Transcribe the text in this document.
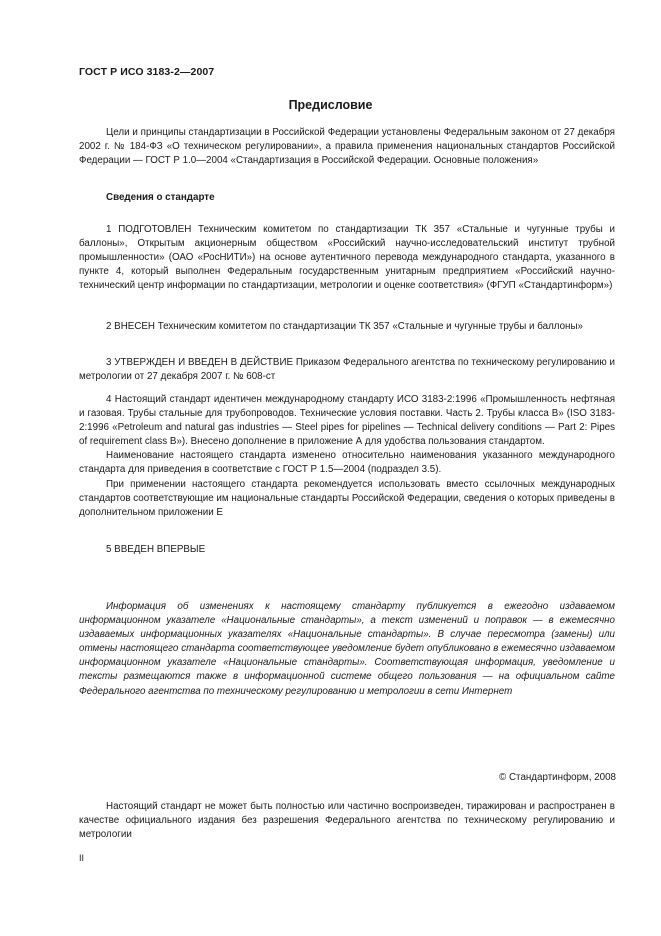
ГОСТ Р ИСО 3183-2—2007
Предисловие

Цели и принципы стандартизации в Российской Федерации установлены Федеральным законом от 27 декабря 2002 г. № 184-ФЗ «О техническом регулировании», а правила применения национальных стандартов Российской Федерации — ГОСТ Р 1.0—2004 «Стандартизация в Российской Федерации. Основные положения»

Сведения о стандарте

1 ПОДГОТОВЛЕН Техническим комитетом по стандартизации ТК 357 «Стальные и чугунные трубы и баллоны», Открытым акционерным обществом «Российский научно-исследовательский институт трубной промышленности» (ОАО «РосНИТИ») на основе аутентичного перевода международного стандарта, указанного в пункте 4, который выполнен Федеральным государственным унитарным предприятием «Российский научно-технический центр информации по стандартизации, метрологии и оценке соответствия» (ФГУП «Стандартинформ»)

2 ВНЕСЕН Техническим комитетом по стандартизации ТК 357 «Стальные и чугунные трубы и баллоны»

3 УТВЕРЖДЕН И ВВЕДЕН В ДЕЙСТВИЕ Приказом Федерального агентства по техническому регулированию и метрологии от 27 декабря 2007 г. № 608-ст

4 Настоящий стандарт идентичен международному стандарту ИСО 3183-2:1996 «Промышленность нефтяная и газовая. Трубы стальные для трубопроводов. Технические условия поставки. Часть 2. Трубы класса В» (ISO 3183-2:1996 «Petroleum and natural gas industries — Steel pipes for pipelines — Technical delivery conditions — Part 2: Pipes of requirement class B»). Внесено дополнение в приложение А для удобства пользования стандартом.

Наименование настоящего стандарта изменено относительно наименования указанного международного стандарта для приведения в соответствие с ГОСТ Р 1.5—2004 (подраздел 3.5).

При применении настоящего стандарта рекомендуется использовать вместо ссылочных международных стандартов соответствующие им национальные стандарты Российской Федерации, сведения о которых приведены в дополнительном приложении Е

5 ВВЕДЕН ВПЕРВЫЕ

Информация об изменениях к настоящему стандарту публикуется в ежегодно издаваемом информационном указателе «Национальные стандарты», а текст изменений и поправок — в ежемесячно издаваемых информационных указателях «Национальные стандарты». В случае пересмотра (замены) или отмены настоящего стандарта соответствующее уведомление будет опубликовано в ежемесячно издаваемом информационном указателе «Национальные стандарты». Соответствующая информация, уведомление и тексты размещаются также в информационной системе общего пользования — на официальном сайте Федерального агентства по техническому регулированию и метрологии в сети Интернет

© Стандартинформ, 2008

Настоящий стандарт не может быть полностью или частично воспроизведен, тиражирован и распространен в качестве официального издания без разрешения Федерального агентства по техническому регулированию и метрологии

II
